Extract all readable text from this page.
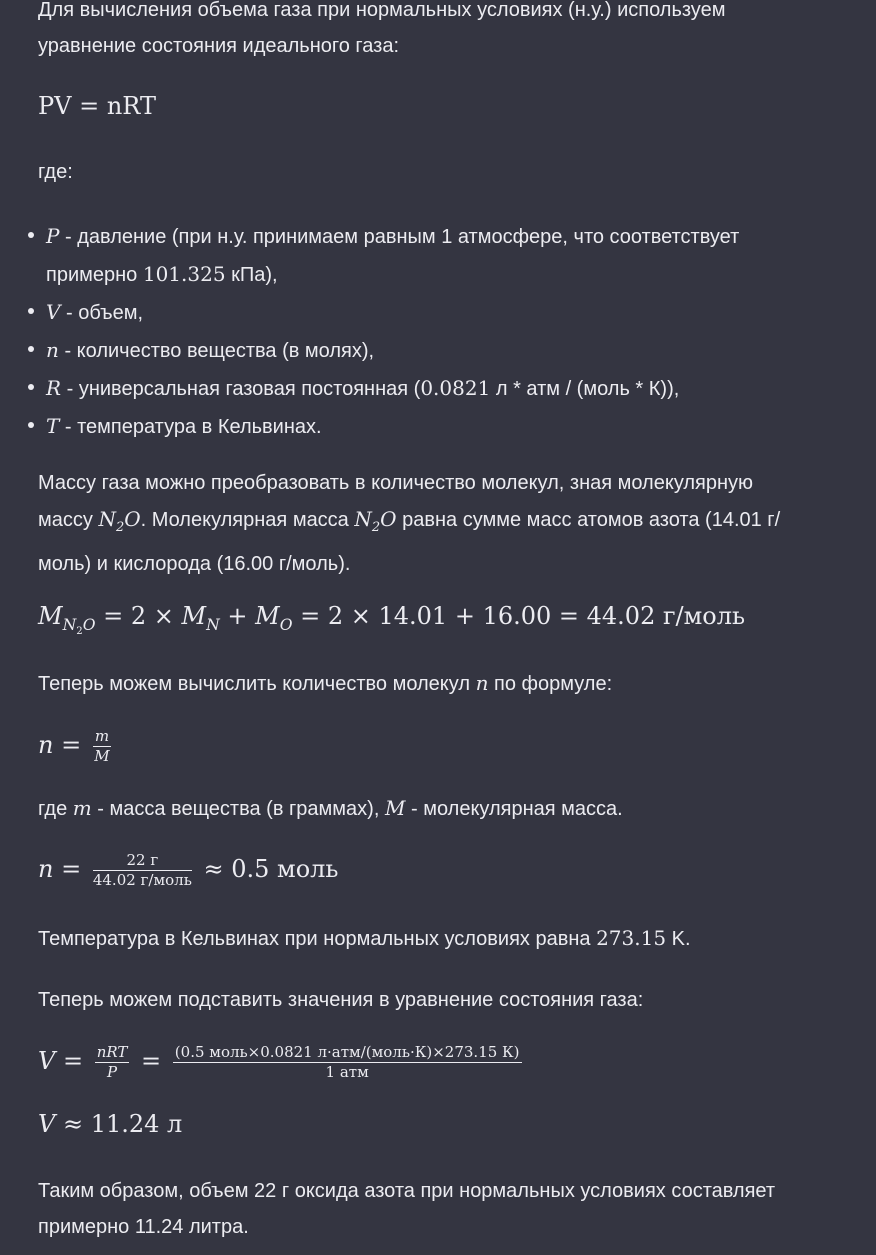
Для вычисления объема газа при нормальных условиях (н.у.) используем
уравнение состояния идеального газа:

PV = nRT

где:

P - давление (при н.у. принимаем равным 1 атмосфере, что соответствует
примерно 101.325 кПа),
V - объем,
n - количество вещества (в молях),
R - универсальная газовая постоянная (0.0821 л * атм / (моль * К)),
T - температура в Кельвинах.

Массу газа можно преобразовать в количество молекул, зная молекулярную
массу $N_2O$. Молекулярная масса $N_2O$ равна сумме масс атомов азота (14.01 г/
моль) и кислорода (16.00 г/моль).

$M_{N_2O} = 2 \times M_N + M_O = 2 \times 14.01 + 16.00 = 44.02$ г/моль

Теперь можем вычислить количество молекул n по формуле:

$n = \frac{m}{M}$

где m - масса вещества (в граммах), M - молекулярная масса.

$n = \frac{22 г}{\text{44.02 г/моль}} \approx 0.5$ моль

Температура в Кельвинах при нормальных условиях равна 273.15 K.

Теперь можем подставить значения в уравнение состояния газа:

$V = \frac{\text{nRT}}{P} = \frac{\text{(0.5 моль×0.0821 л·атм/(моль·К)×273.15 К)}}{\text{1 атм}}$
V ≈ 11.24 л

Таким образом, объем 22 г оксида азота при нормальных условиях составляет
примерно 11.24 литра.
